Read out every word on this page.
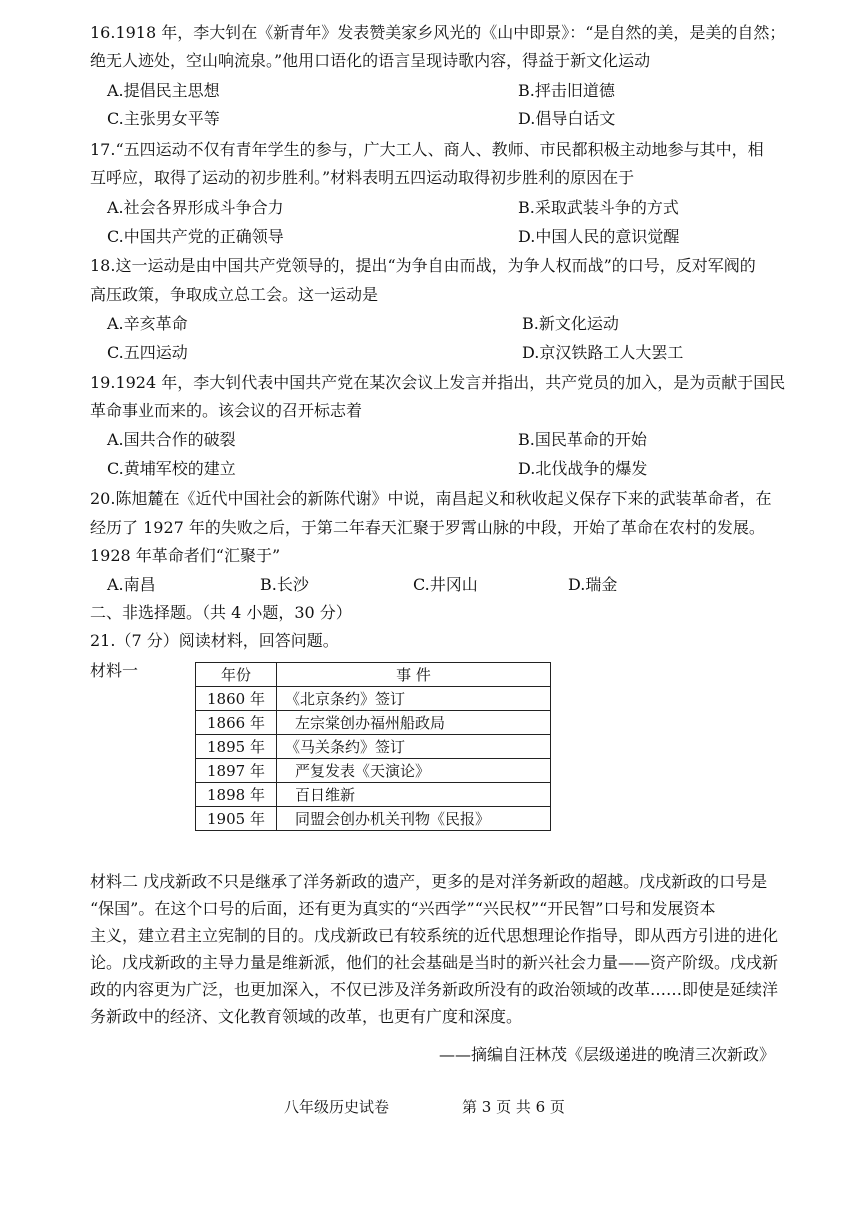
16.1918 年，李大钊在《新青年》发表赞美家乡风光的《山中即景》：“是自然的美，是美的自然；
绝无人迹处，空山响流泉。”他用口语化的语言呈现诗歌内容，得益于新文化运动
A.提倡民主思想	B.抨击旧道德
C.主张男女平等	D.倡导白话文
17.“五四运动不仅有青年学生的参与，广大工人、商人、教师、市民都积极主动地参与其中，相
互呼应，取得了运动的初步胜利。”材料表明五四运动取得初步胜利的原因在于
A.社会各界形成斗争合力	B.采取武装斗争的方式
C.中国共产党的正确领导	D.中国人民的意识觉醒
18.这一运动是由中国共产党领导的，提出“为争自由而战，为争人权而战”的口号，反对军阀的
高压政策，争取成立总工会。这一运动是
A.辛亥革命	B.新文化运动
C.五四运动	D.京汉铁路工人大罢工
19.1924 年，李大钊代表中国共产党在某次会议上发言并指出，共产党员的加入，是为贡献于国民
革命事业而来的。该会议的召开标志着
A.国共合作的破裂	B.国民革命的开始
C.黄埔军校的建立	D.北伐战争的爆发
20.陈旭麓在《近代中国社会的新陈代谢》中说，南昌起义和秋收起义保存下来的武装革命者，在
经历了 1927 年的失败之后，于第二年春天汇聚于罗霄山脉的中段，开始了革命在农村的发展。
1928 年革命者们“汇聚于”
A.南昌	B.长沙	C.井冈山	D.瑞金
二、非选择题。（共 4 小题，30 分）
21.（7 分）阅读材料，回答问题。
材料一	年份	事 件
1860 年	《北京条约》签订
1866 年	左宗棠创办福州船政局
1895 年	《马关条约》签订
1897 年	严复发表《天演论》
1898 年	百日维新
1905 年	同盟会创办机关刊物《民报》
材料二 戊戌新政不只是继承了洋务新政的遗产，更多的是对洋务新政的超越。戊戌新政的口号是
“保国”。在这个口号的后面，还有更为真实的“兴西学”“兴民权”“开民智”口号和发展资本
主义，建立君主立宪制的目的。戊戌新政已有较系统的近代思想理论作指导，即从西方引进的进化
论。戊戌新政的主导力量是维新派，他们的社会基础是当时的新兴社会力量——资产阶级。戊戌新
政的内容更为广泛，也更加深入，不仅已涉及洋务新政所没有的政治领域的改革……即使是延续洋
务新政中的经济、文化教育领域的改革，也更有广度和深度。
——摘编自汪林茂《层级递进的晚清三次新政》
八年级历史试卷	第 3 页 共 6 页
